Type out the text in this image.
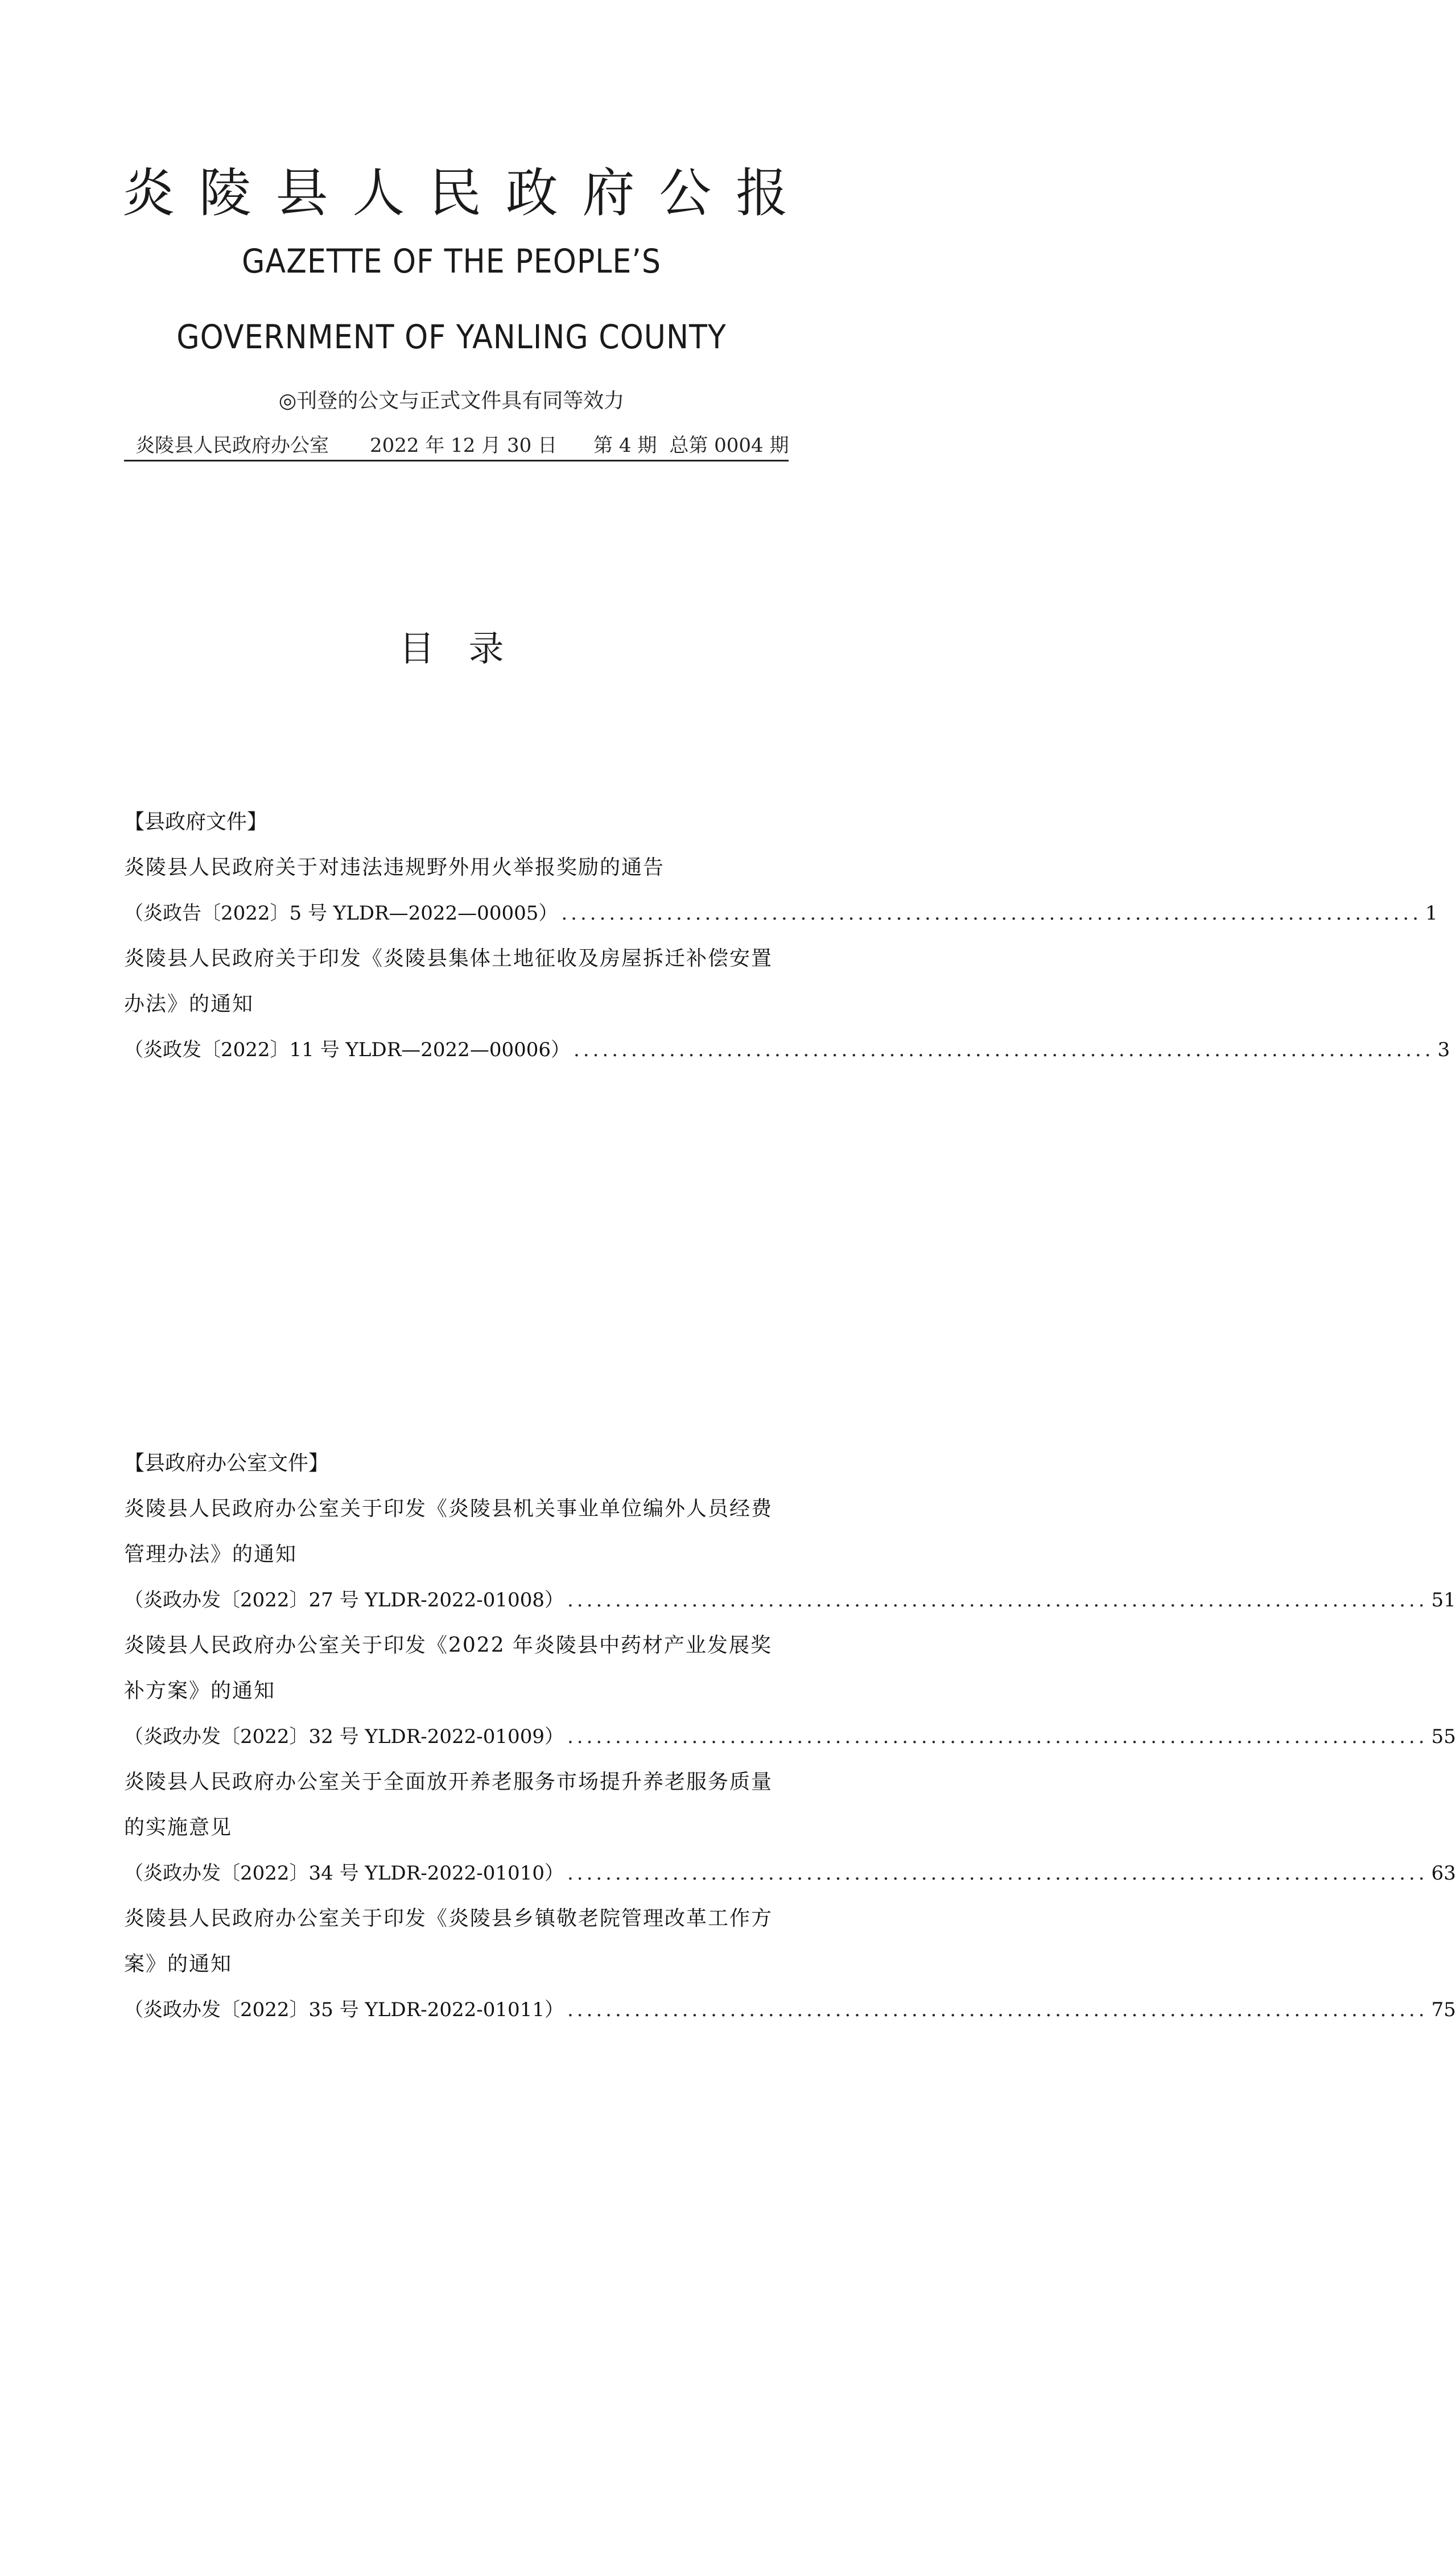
炎陵县人民政府公报
GAZETTE OF THE PEOPLE’S
GOVERNMENT OF YANLING COUNTY
◎刊登的公文与正式文件具有同等效力
炎陵县人民政府办公室 2022 年 12 月 30 日 第 4 期 总第 0004 期
目录
【县政府文件】
炎陵县人民政府关于对违法违规野外用火举报奖励的通告
（炎政告〔2022〕5 号 YLDR—2022—00005） .......................................................................................... 1
炎陵县人民政府关于印发《炎陵县集体土地征收及房屋拆迁补偿安置办法》的通知
（炎政发〔2022〕11 号 YLDR—2022—00006） .......................................................................................... 3
【县政府办公室文件】
炎陵县人民政府办公室关于印发《炎陵县机关事业单位编外人员经费管理办法》的通知
（炎政办发〔2022〕27 号 YLDR-2022-01008） .......................................................................................... 51
炎陵县人民政府办公室关于印发《2022 年炎陵县中药材产业发展奖补方案》的通知
（炎政办发〔2022〕32 号 YLDR-2022-01009） .......................................................................................... 55
炎陵县人民政府办公室关于全面放开养老服务市场提升养老服务质量的实施意见
（炎政办发〔2022〕34 号 YLDR-2022-01010） .......................................................................................... 63
炎陵县人民政府办公室关于印发《炎陵县乡镇敬老院管理改革工作方案》的通知
（炎政办发〔2022〕35 号 YLDR-2022-01011） .......................................................................................... 75
